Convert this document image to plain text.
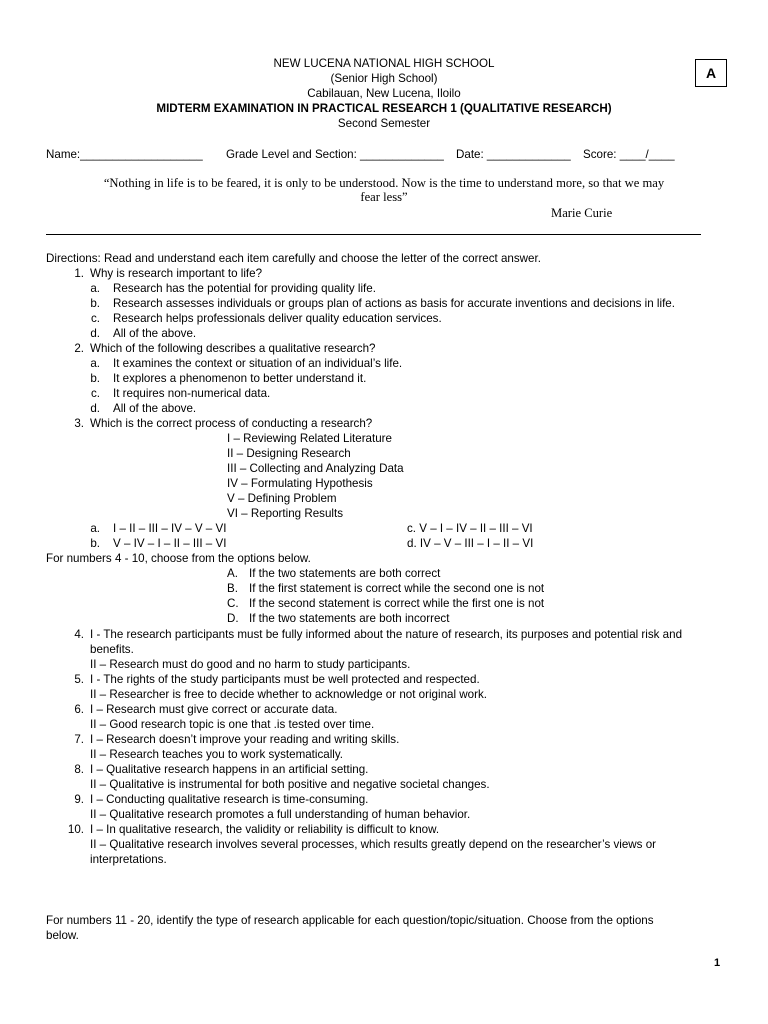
NEW LUCENA NATIONAL HIGH SCHOOL
(Senior High School)
Cabilauan, New Lucena, Iloilo
MIDTERM EXAMINATION IN PRACTICAL RESEARCH 1 (QUALITATIVE RESEARCH)
Second Semester
A
Name:___________________ Grade Level and Section: _____________ Date: _____________ Score: ____/____
“Nothing in life is to be feared, it is only to be understood. Now is the time to understand more, so that we may
fear less”
Marie Curie
Directions: Read and understand each item carefully and choose the letter of the correct answer.
1. Why is research important to life?
a.	Research has the potential for providing quality life.
b.	Research assesses individuals or groups plan of actions as basis for accurate inventions and decisions in life.
c.	Research helps professionals deliver quality education services.
d.	All of the above.
2. Which of the following describes a qualitative research?
a.	It examines the context or situation of an individual’s life.
b.	It explores a phenomenon to better understand it.
c.	It requires non-numerical data.
d.	All of the above.
3. Which is the correct process of conducting a research?
I – Reviewing Related Literature
II – Designing Research
III – Collecting and Analyzing Data
IV – Formulating Hypothesis
V – Defining Problem
VI – Reporting Results
a.	I – II – III – IV – V – VI
b.	V – IV – I – II – III – VI
c. V – I – IV – II – III – VI
d. IV – V – III – I – II – VI
For numbers 4 - 10, choose from the options below.
A. If the two statements are both correct
B. If the first statement is correct while the second one is not
C. If the second statement is correct while the first one is not
D. If the two statements are both incorrect
4. I - The research participants must be fully informed about the nature of research, its purposes and potential risk and
benefits.
II – Research must do good and no harm to study participants.
5. I - The rights of the study participants must be well protected and respected.
II – Researcher is free to decide whether to acknowledge or not original work.
6. I – Research must give correct or accurate data.
II – Good research topic is one that .is tested over time.
7. I – Research doesn’t improve your reading and writing skills.
II – Research teaches you to work systematically.
8. I – Qualitative research happens in an artificial setting.
II – Qualitative is instrumental for both positive and negative societal changes.
9. I – Conducting qualitative research is time-consuming.
II – Qualitative research promotes a full understanding of human behavior.
10. I – In qualitative research, the validity or reliability is difficult to know.
II – Qualitative research involves several processes, which results greatly depend on the researcher’s views or
interpretations.
For numbers 11 - 20, identify the type of research applicable for each question/topic/situation. Choose from the options
below.
1
